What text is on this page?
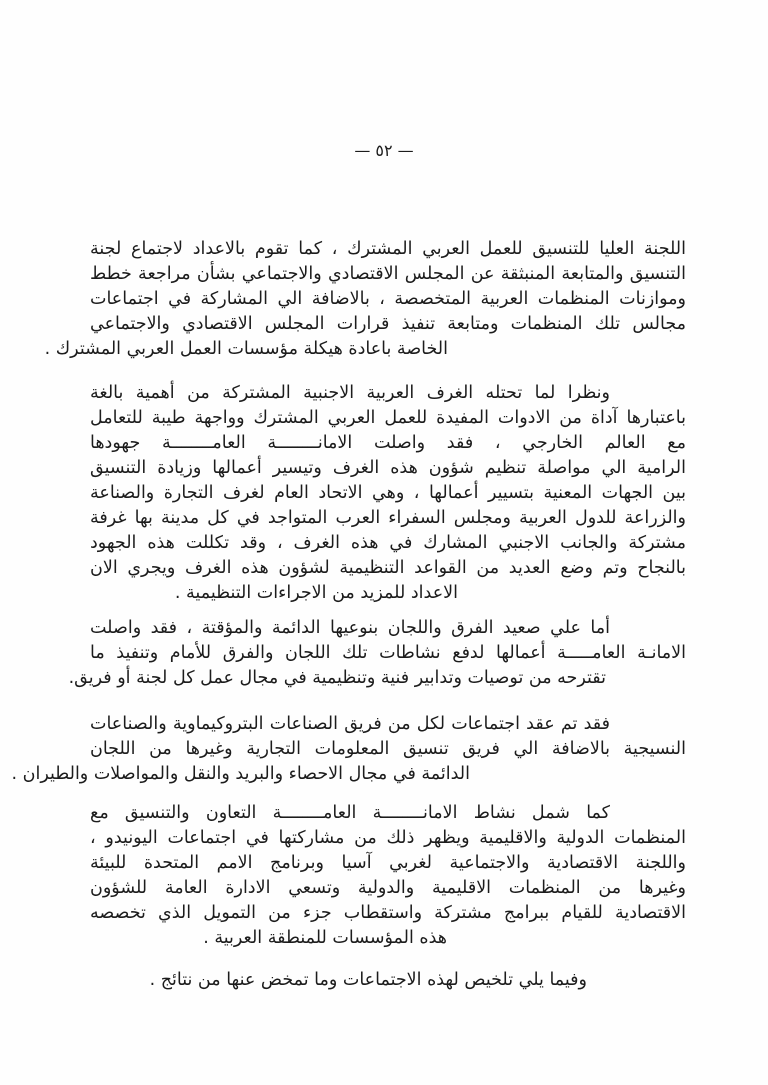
— ٥٢ —
اللجنة العليا للتنسيق للعمل العربي المشترك ، كما تقوم بالاعداد لاجتماع لجنة
التنسيق والمتابعة المنبثقة عن المجلس الاقتصادي والاجتماعي بشأن مراجعة خطط
وموازنات المنظمات العربية المتخصصة ، بالاضافة الي المشاركة في اجتماعات
مجالس تلك المنظمات ومتابعة تنفيذ قرارات المجلس الاقتصادي والاجتماعي
الخاصة باعادة هيكلة مؤسسات العمل العربي المشترك .
ونظرا لما تحتله الغرف العربية الاجنبية المشتركة من أهمية بالغة
باعتبارها آداة من الادوات المفيدة للعمل العربي المشترك وواجهة طيبة للتعامل
مع العالم الخارجي ، فقد واصلت الامانــــــــة العامــــــــة جهودها
الرامية الي مواصلة تنظيم شؤون هذه الغرف وتيسير أعمالها وزيادة التنسيق
بين الجهات المعنية بتسيير أعمالها ، وهي الاتحاد العام لغرف التجارة والصناعة
والزراعة للدول العربية ومجلس السفراء العرب المتواجد في كل مدينة بها غرفة
مشتركة والجانب الاجنبي المشارك في هذه الغرف ، وقد تكللت هذه الجهود
بالنجاح وتم وضع العديد من القواعد التنظيمية لشؤون هذه الغرف ويجري الان
الاعداد للمزيد من الاجراءات التنظيمية .
أما علي صعيد الفرق واللجان بنوعيها الدائمة والمؤقتة ، فقد واصلت
الامانـة العامـــــة أعمالها لدفع نشاطات تلك اللجان والفرق للأمام وتنفيذ ما
تقترحه من توصيات وتدابير فنية وتنظيمية في مجال عمل كل لجنة أو فريق.
فقد تم عقد اجتماعات لكل من فريق الصناعات البتروكيماوية والصناعات
النسيجية بالاضافة الي فريق تنسيق المعلومات التجارية وغيرها من اللجان
الدائمة في مجال الاحصاء والبريد والنقل والمواصلات والطيران .
كما شمل نشاط الامانــــــــة العامــــــــة التعاون والتنسيق مع
المنظمات الدولية والاقليمية ويظهر ذلك من مشاركتها في اجتماعات اليونيدو ،
واللجنة الاقتصادية والاجتماعية لغربي آسيا وبرنامج الامم المتحدة للبيئة
وغيرها من المنظمات الاقليمية والدولية وتسعي الادارة العامة للشؤون
الاقتصادية للقيام ببرامج مشتركة واستقطاب جزء من التمويل الذي تخصصه
هذه المؤسسات للمنطقة العربية .
وفيما يلي تلخيص لهذه الاجتماعات وما تمخض عنها من نتائج .
